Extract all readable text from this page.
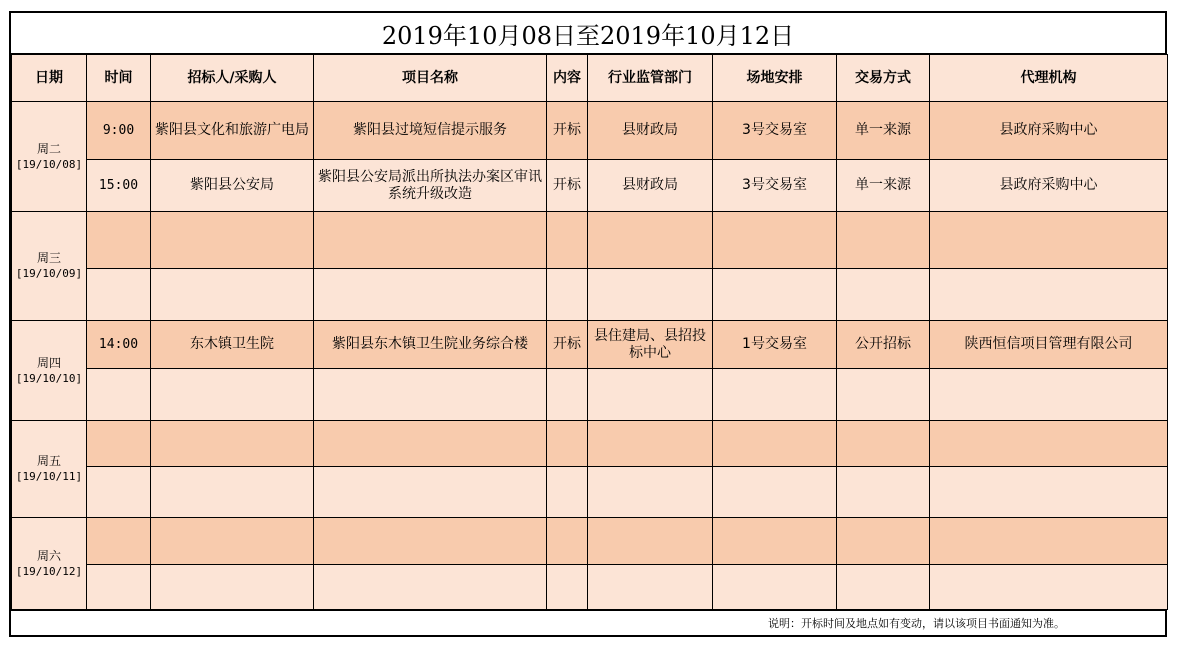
2019年10月08日至2019年10月12日
日期	时间	招标人/采购人	项目名称	内容	行业监管部门	场地安排	交易方式	代理机构

周二
[19/10/08]	9:00	紫阳县文化和旅游广电局	紫阳县过境短信提示服务	开标	县财政局	3号交易室	单一来源	县政府采购中心
	15:00	紫阳县公安局	紫阳县公安局派出所执法办案区审讯系统升级改造	开标	县财政局	3号交易室	单一来源	县政府采购中心

周三
[19/10/09]								

周四
[19/10/10]	14:00	东木镇卫生院	紫阳县东木镇卫生院业务综合楼	开标	县住建局、县招投标中心	1号交易室	公开招标	陕西恒信项目管理有限公司

周五
[19/10/11]								

周六
[19/10/12]								

说明：开标时间及地点如有变动，请以该项目书面通知为准。
